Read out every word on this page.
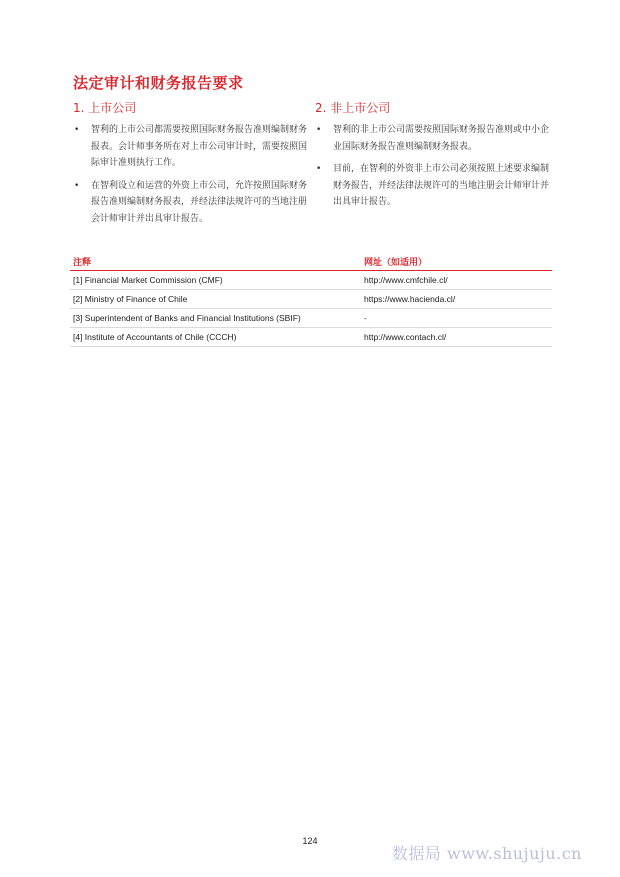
法定审计和财务报告要求
1. 上市公司
• 智利的上市公司都需要按照国际财务报告准则编制财务报表。会计师事务所在对上市公司审计时，需要按照国际审计准则执行工作。
• 在智利设立和运营的外资上市公司，允许按照国际财务报告准则编制财务报表，并经法律法规许可的当地注册会计师审计并出具审计报告。
2. 非上市公司
• 智利的非上市公司需要按照国际财务报告准则或中小企业国际财务报告准则编制财务报表。
• 目前，在智利的外资非上市公司必须按照上述要求编制财务报告，并经法律法规许可的当地注册会计师审计并出具审计报告。
注释	网址（如适用）
[1] Financial Market Commission (CMF)	http://www.cmfchile.cl/
[2] Ministry of Finance of Chile	https://www.hacienda.cl/
[3] Superintendent of Banks and Financial Institutions (SBIF)	-
[4] Institute of Accountants of Chile (CCCH)	http://www.contach.cl/
124
数据局 www.shujuju.cn
